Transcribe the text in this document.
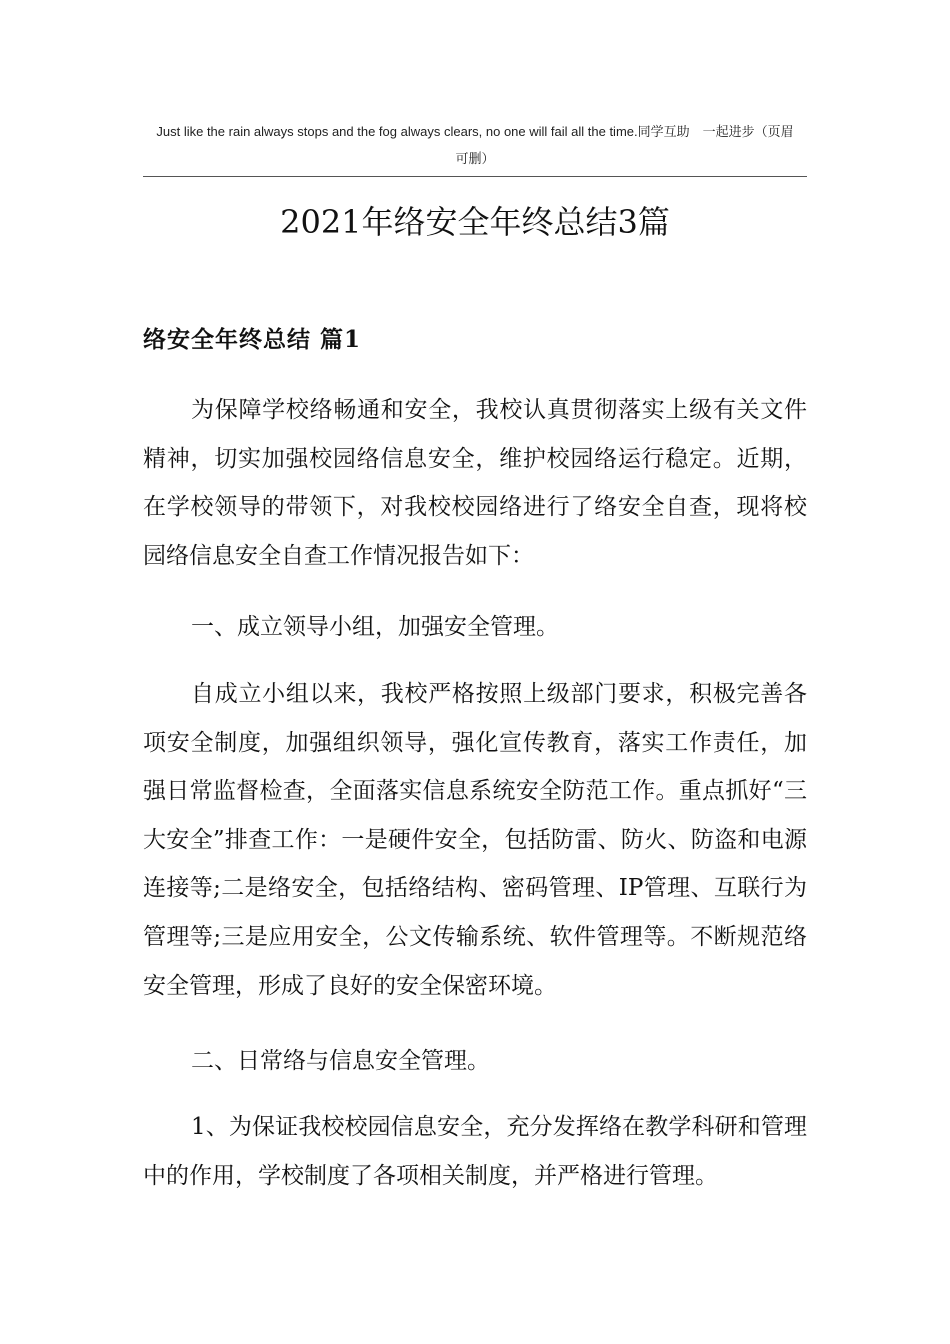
Just like the rain always stops and the fog always clears, no one will fail all the time.同学互助　一起进步（页眉
可删）
2021年络安全年终总结3篇
络安全年终总结 篇1

为保障学校络畅通和安全，我校认真贯彻落实上级有关文件精神，切实加强校园络信息安全，维护校园络运行稳定。近期，在学校领导的带领下，对我校校园络进行了络安全自查，现将校园络信息安全自查工作情况报告如下：

一、成立领导小组，加强安全管理。

自成立小组以来，我校严格按照上级部门要求，积极完善各项安全制度，加强组织领导，强化宣传教育，落实工作责任，加强日常监督检查，全面落实信息系统安全防范工作。重点抓好“三大安全”排查工作：一是硬件安全，包括防雷、防火、防盗和电源连接等;二是络安全，包括络结构、密码管理、IP管理、互联行为管理等;三是应用安全，公文传输系统、软件管理等。不断规范络安全管理，形成了良好的安全保密环境。

二、日常络与信息安全管理。

1、为保证我校校园信息安全，充分发挥络在教学科研和管理中的作用，学校制度了各项相关制度，并严格进行管理。
